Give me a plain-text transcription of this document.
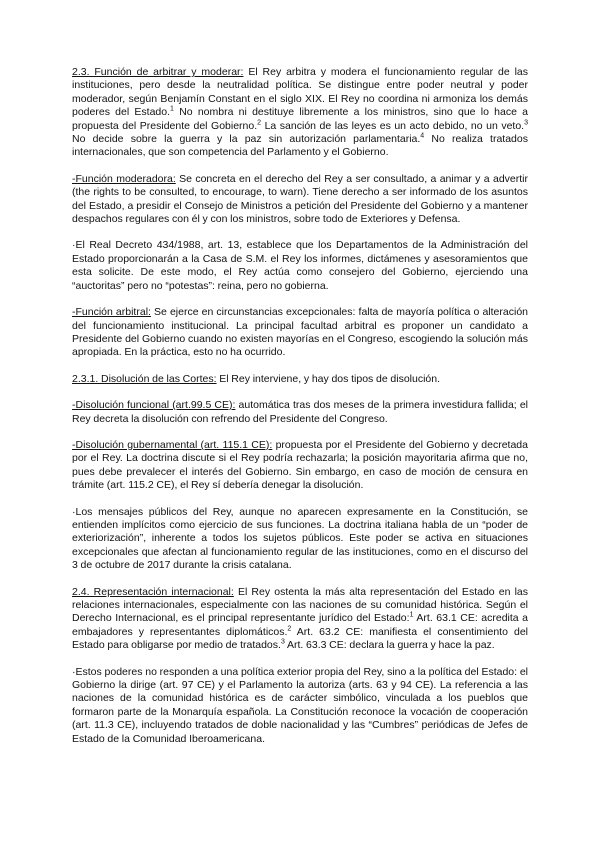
2.3. Función de arbitrar y moderar: El Rey arbitra y modera el funcionamiento regular de las instituciones, pero desde la neutralidad política. Se distingue entre poder neutral y poder moderador, según Benjamín Constant en el siglo XIX. El Rey no coordina ni armoniza los demás poderes del Estado.$^1$ No nombra ni destituye libremente a los ministros, sino que lo hace a propuesta del Presidente del Gobierno.$^2$ La sanción de las leyes es un acto debido, no un veto.$^3$ No decide sobre la guerra y la paz sin autorización parlamentaria.$^4$ No realiza tratados internacionales, que son competencia del Parlamento y el Gobierno.

-Función moderadora: Se concreta en el derecho del Rey a ser consultado, a animar y a advertir (the rights to be consulted, to encourage, to warn). Tiene derecho a ser informado de los asuntos del Estado, a presidir el Consejo de Ministros a petición del Presidente del Gobierno y a mantener despachos regulares con él y con los ministros, sobre todo de Exteriores y Defensa.

·El Real Decreto 434/1988, art. 13, establece que los Departamentos de la Administración del Estado proporcionarán a la Casa de S.M. el Rey los informes, dictámenes y asesoramientos que esta solicite. De este modo, el Rey actúa como consejero del Gobierno, ejerciendo una “auctoritas” pero no “potestas”: reina, pero no gobierna.

-Función arbitral: Se ejerce en circunstancias excepcionales: falta de mayoría política o alteración del funcionamiento institucional. La principal facultad arbitral es proponer un candidato a Presidente del Gobierno cuando no existen mayorías en el Congreso, escogiendo la solución más apropiada. En la práctica, esto no ha ocurrido.

2.3.1. Disolución de las Cortes: El Rey interviene, y hay dos tipos de disolución.

-Disolución funcional (art.99.5 CE): automática tras dos meses de la primera investidura fallida; el Rey decreta la disolución con refrendo del Presidente del Congreso.

-Disolución gubernamental (art. 115.1 CE): propuesta por el Presidente del Gobierno y decretada por el Rey. La doctrina discute si el Rey podría rechazarla; la posición mayoritaria afirma que no, pues debe prevalecer el interés del Gobierno. Sin embargo, en caso de moción de censura en trámite (art. 115.2 CE), el Rey sí debería denegar la disolución.

·Los mensajes públicos del Rey, aunque no aparecen expresamente en la Constitución, se entienden implícitos como ejercicio de sus funciones. La doctrina italiana habla de un “poder de exteriorización”, inherente a todos los sujetos públicos. Este poder se activa en situaciones excepcionales que afectan al funcionamiento regular de las instituciones, como en el discurso del 3 de octubre de 2017 durante la crisis catalana.

2.4. Representación internacional: El Rey ostenta la más alta representación del Estado en las relaciones internacionales, especialmente con las naciones de su comunidad histórica. Según el Derecho Internacional, es el principal representante jurídico del Estado:$^1$ Art. 63.1 CE: acredita a embajadores y representantes diplomáticos.$^2$ Art. 63.2 CE: manifiesta el consentimiento del Estado para obligarse por medio de tratados.$^3$ Art. 63.3 CE: declara la guerra y hace la paz.

·Estos poderes no responden a una política exterior propia del Rey, sino a la política del Estado: el Gobierno la dirige (art. 97 CE) y el Parlamento la autoriza (arts. 63 y 94 CE). La referencia a las naciones de la comunidad histórica es de carácter simbólico, vinculada a los pueblos que formaron parte de la Monarquía española. La Constitución reconoce la vocación de cooperación (art. 11.3 CE), incluyendo tratados de doble nacionalidad y las “Cumbres” periódicas de Jefes de Estado de la Comunidad Iberoamericana.
